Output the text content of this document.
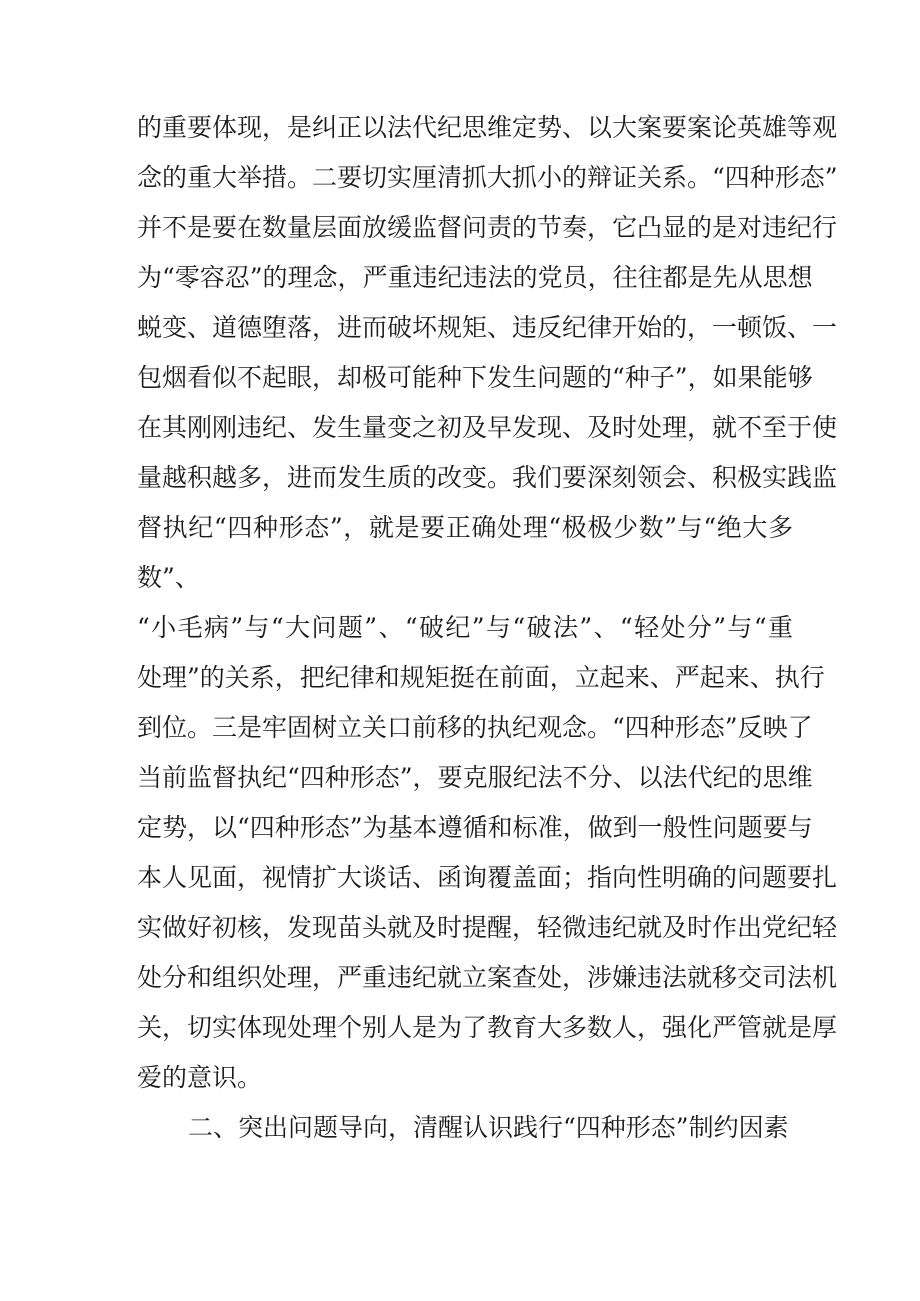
的重要体现，是纠正以法代纪思维定势、以大案要案论英雄等观
念的重大举措。二要切实厘清抓大抓小的辩证关系。“四种形态”
并不是要在数量层面放缓监督问责的节奏，它凸显的是对违纪行
为“零容忍”的理念，严重违纪违法的党员，往往都是先从思想
蜕变、道德堕落，进而破坏规矩、违反纪律开始的，一顿饭、一
包烟看似不起眼，却极可能种下发生问题的“种子”，如果能够
在其刚刚违纪、发生量变之初及早发现、及时处理，就不至于使
量越积越多，进而发生质的改变。我们要深刻领会、积极实践监
督执纪“四种形态”，就是要正确处理“极极少数”与“绝大多
数”、
“小毛病”与“大问题”、“破纪”与“破法”、“轻处分”与“重
处理”的关系，把纪律和规矩挺在前面，立起来、严起来、执行
到位。三是牢固树立关口前移的执纪观念。“四种形态”反映了
当前监督执纪“四种形态”，要克服纪法不分、以法代纪的思维
定势，以“四种形态”为基本遵循和标准，做到一般性问题要与
本人见面，视情扩大谈话、函询覆盖面；指向性明确的问题要扎
实做好初核，发现苗头就及时提醒，轻微违纪就及时作出党纪轻
处分和组织处理，严重违纪就立案查处，涉嫌违法就移交司法机
关，切实体现处理个别人是为了教育大多数人，强化严管就是厚
爱的意识。
二、突出问题导向，清醒认识践行“四种形态”制约因素
